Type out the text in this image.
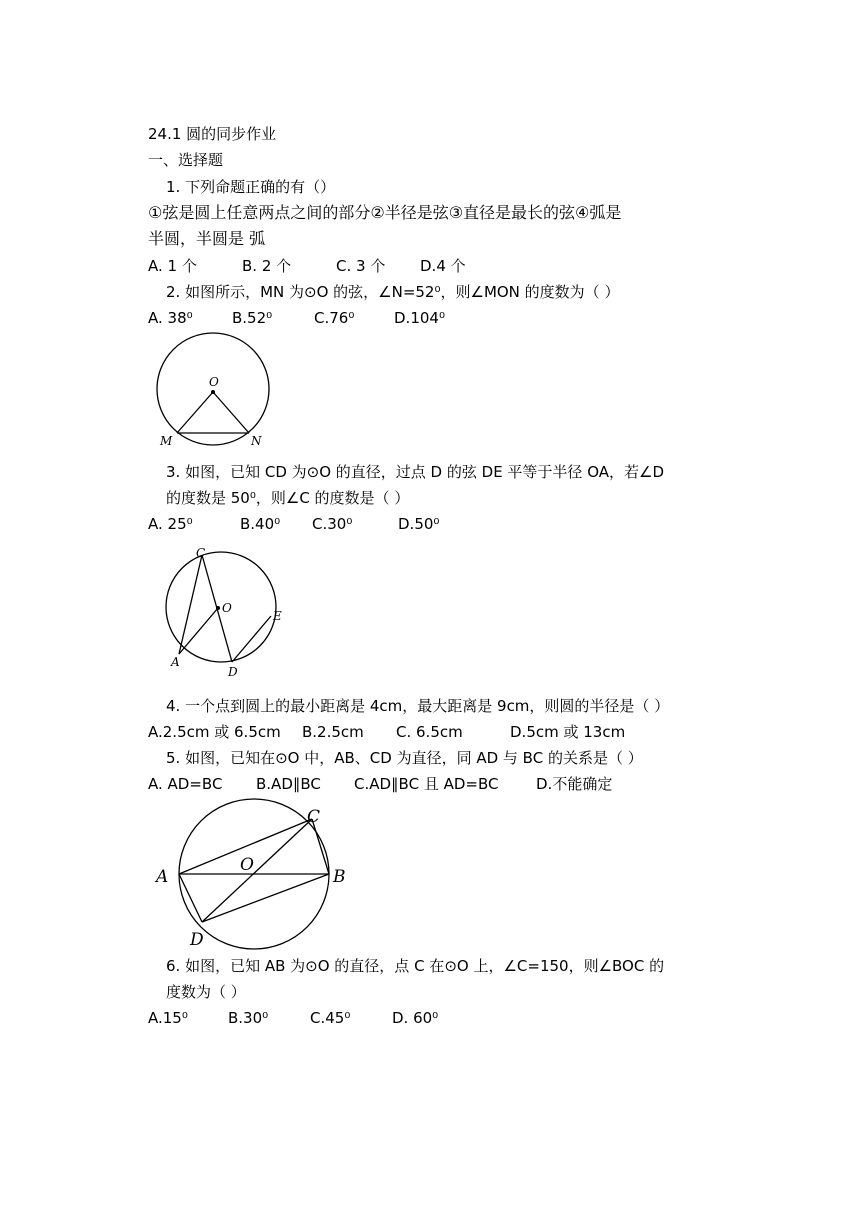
24.1 圆的同步作业
一、选择题
1. 下列命题正确的有（）
①弦是圆上任意两点之间的部分②半径是弦③直径是最长的弦④弧是
半圆，半圆是 弧
A. 1 个	B. 2 个	C. 3 个 D.4 个
2. 如图所示，MN 为⊙O 的弦，∠N=52⁰，则∠MON 的度数为（ ）
A. 38⁰	B.52⁰	C.76⁰	D.104⁰
O
M	N
3. 如图，已知 CD 为⊙O 的直径，过点 D 的弦 DE 平等于半径 OA，若∠D
的度数是 50⁰，则∠C 的度数是（ ）
A. 25⁰	B.40⁰ C.30⁰	D.50⁰
C
O
E
A
D
4. 一个点到圆上的最小距离是 4cm，最大距离是 9cm，则圆的半径是（ ）
A.2.5cm 或 6.5cm B.2.5cm C. 6.5cm	D.5cm 或 13cm
5. 如图，已知在⊙O 中，AB、CD 为直径，同 AD 与 BC 的关系是（ ）
A. AD=BC B.AD∥BC C.AD∥BC 且 AD=BC	D.不能确定
A	B
C
D
O
6. 如图，已知 AB 为⊙O 的直径，点 C 在⊙O 上，∠C=150，则∠BOC 的
度数为（ ）
A.15⁰	B.30⁰	C.45⁰	D. 60⁰
